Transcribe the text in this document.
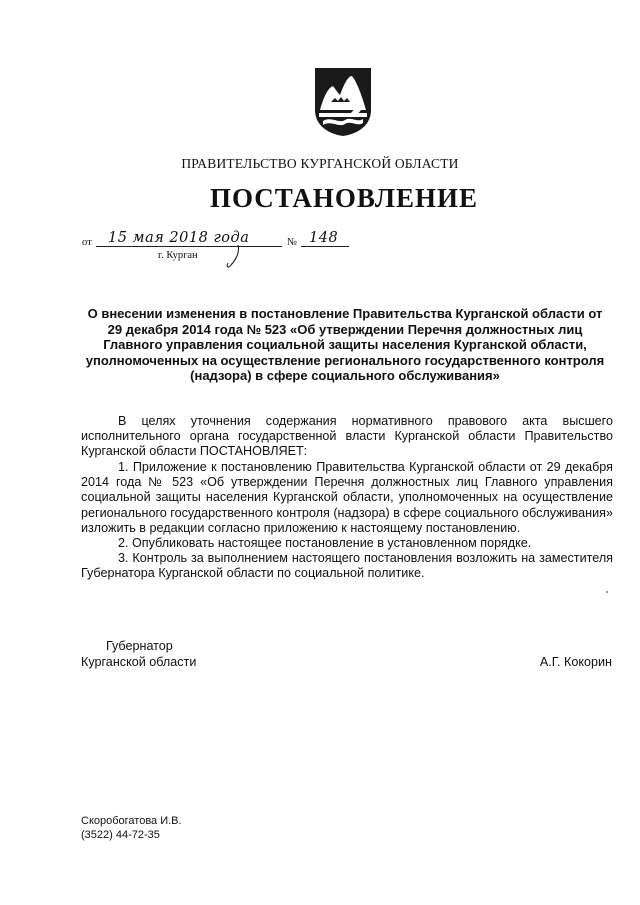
ПРАВИТЕЛЬСТВО КУРГАНСКОЙ ОБЛАСТИ
ПОСТАНОВЛЕНИЕ
от 15 мая 2018 года	№ 148
г. Курган
О внесении изменения в постановление Правительства Курганской области от 29 декабря 2014 года № 523 «Об утверждении Перечня должностных лиц Главного управления социальной защиты населения Курганской области, уполномоченных на осуществление регионального государственного контроля (надзора) в сфере социального обслуживания»

В целях уточнения содержания нормативного правового акта высшего исполнительного органа государственной власти Курганской области Правительство Курганской области ПОСТАНОВЛЯЕТ:

1. Приложение к постановлению Правительства Курганской области от 29 декабря 2014 года № 523 «Об утверждении Перечня должностных лиц Главного управления социальной защиты населения Курганской области, уполномоченных на осуществление регионального государственного контроля (надзора) в сфере социального обслуживания» изложить в редакции согласно приложению к настоящему постановлению.

2. Опубликовать настоящее постановление в установленном порядке.

3. Контроль за выполнением настоящего постановления возложить на заместителя Губернатора Курганской области по социальной политике.

Губернатор
Курганской области	А.Г. Кокорин
Скоробогатова И.В.
(3522) 44-72-35
